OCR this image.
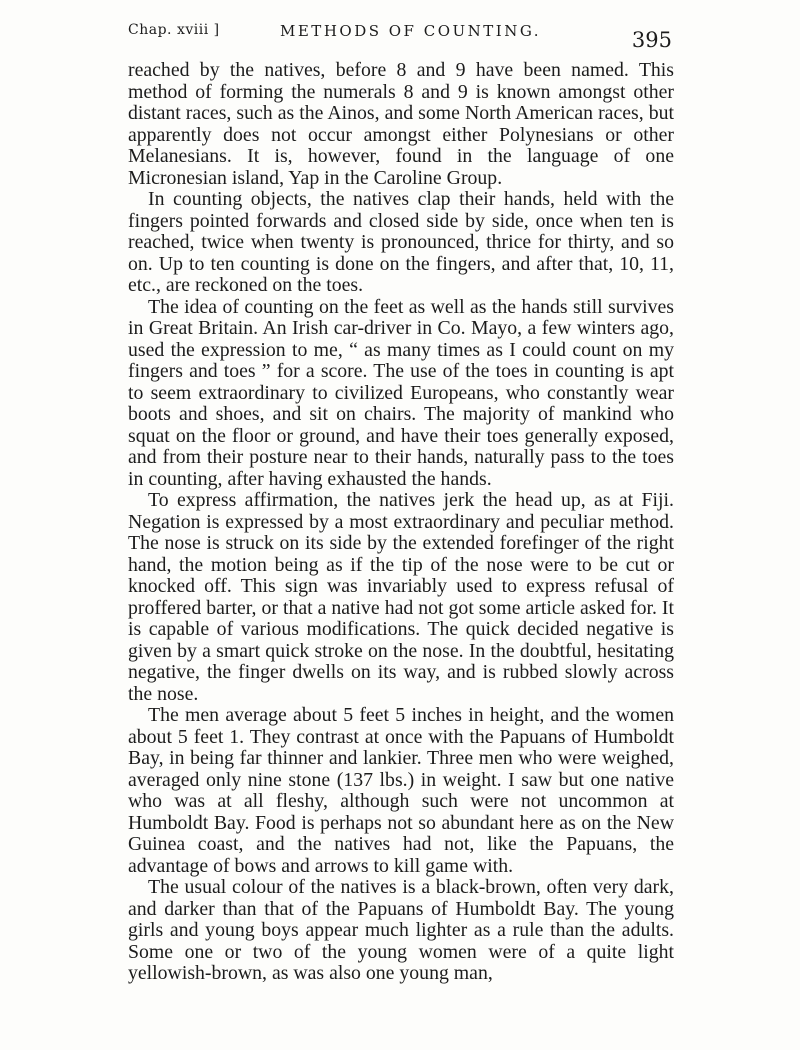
Chap. xviii ]	METHODS OF COUNTING.	395

reached by the natives, before 8 and 9 have been named. This method of forming the numerals 8 and 9 is known amongst other distant races, such as the Ainos, and some North American races, but apparently does not occur amongst either Polynesians or other Melanesians. It is, however, found in the language of one Micronesian island, Yap in the Caroline Group.

In counting objects, the natives clap their hands, held with the fingers pointed forwards and closed side by side, once when ten is reached, twice when twenty is pronounced, thrice for thirty, and so on. Up to ten counting is done on the fingers, and after that, 10, 11, etc., are reckoned on the toes.

The idea of counting on the feet as well as the hands still survives in Great Britain. An Irish car-driver in Co. Mayo, a few winters ago, used the expression to me, “ as many times as I could count on my fingers and toes ” for a score. The use of the toes in counting is apt to seem extraordinary to civilized Europeans, who constantly wear boots and shoes, and sit on chairs. The majority of mankind who squat on the floor or ground, and have their toes generally exposed, and from their posture near to their hands, naturally pass to the toes in counting, after having exhausted the hands.

To express affirmation, the natives jerk the head up, as at Fiji. Negation is expressed by a most extraordinary and peculiar method. The nose is struck on its side by the extended forefinger of the right hand, the motion being as if the tip of the nose were to be cut or knocked off. This sign was invariably used to express refusal of proffered barter, or that a native had not got some article asked for. It is capable of various modifications. The quick decided negative is given by a smart quick stroke on the nose. In the doubtful, hesitating negative, the finger dwells on its way, and is rubbed slowly across the nose.

The men average about 5 feet 5 inches in height, and the women about 5 feet 1. They contrast at once with the Papuans of Humboldt Bay, in being far thinner and lankier. Three men who were weighed, averaged only nine stone (137 lbs.) in weight. I saw but one native who was at all fleshy, although such were not uncommon at Humboldt Bay. Food is perhaps not so abundant here as on the New Guinea coast, and the natives had not, like the Papuans, the advantage of bows and arrows to kill game with.

The usual colour of the natives is a black-brown, often very dark, and darker than that of the Papuans of Humboldt Bay. The young girls and young boys appear much lighter as a rule than the adults. Some one or two of the young women were of a quite light yellowish-brown, as was also one young man,
